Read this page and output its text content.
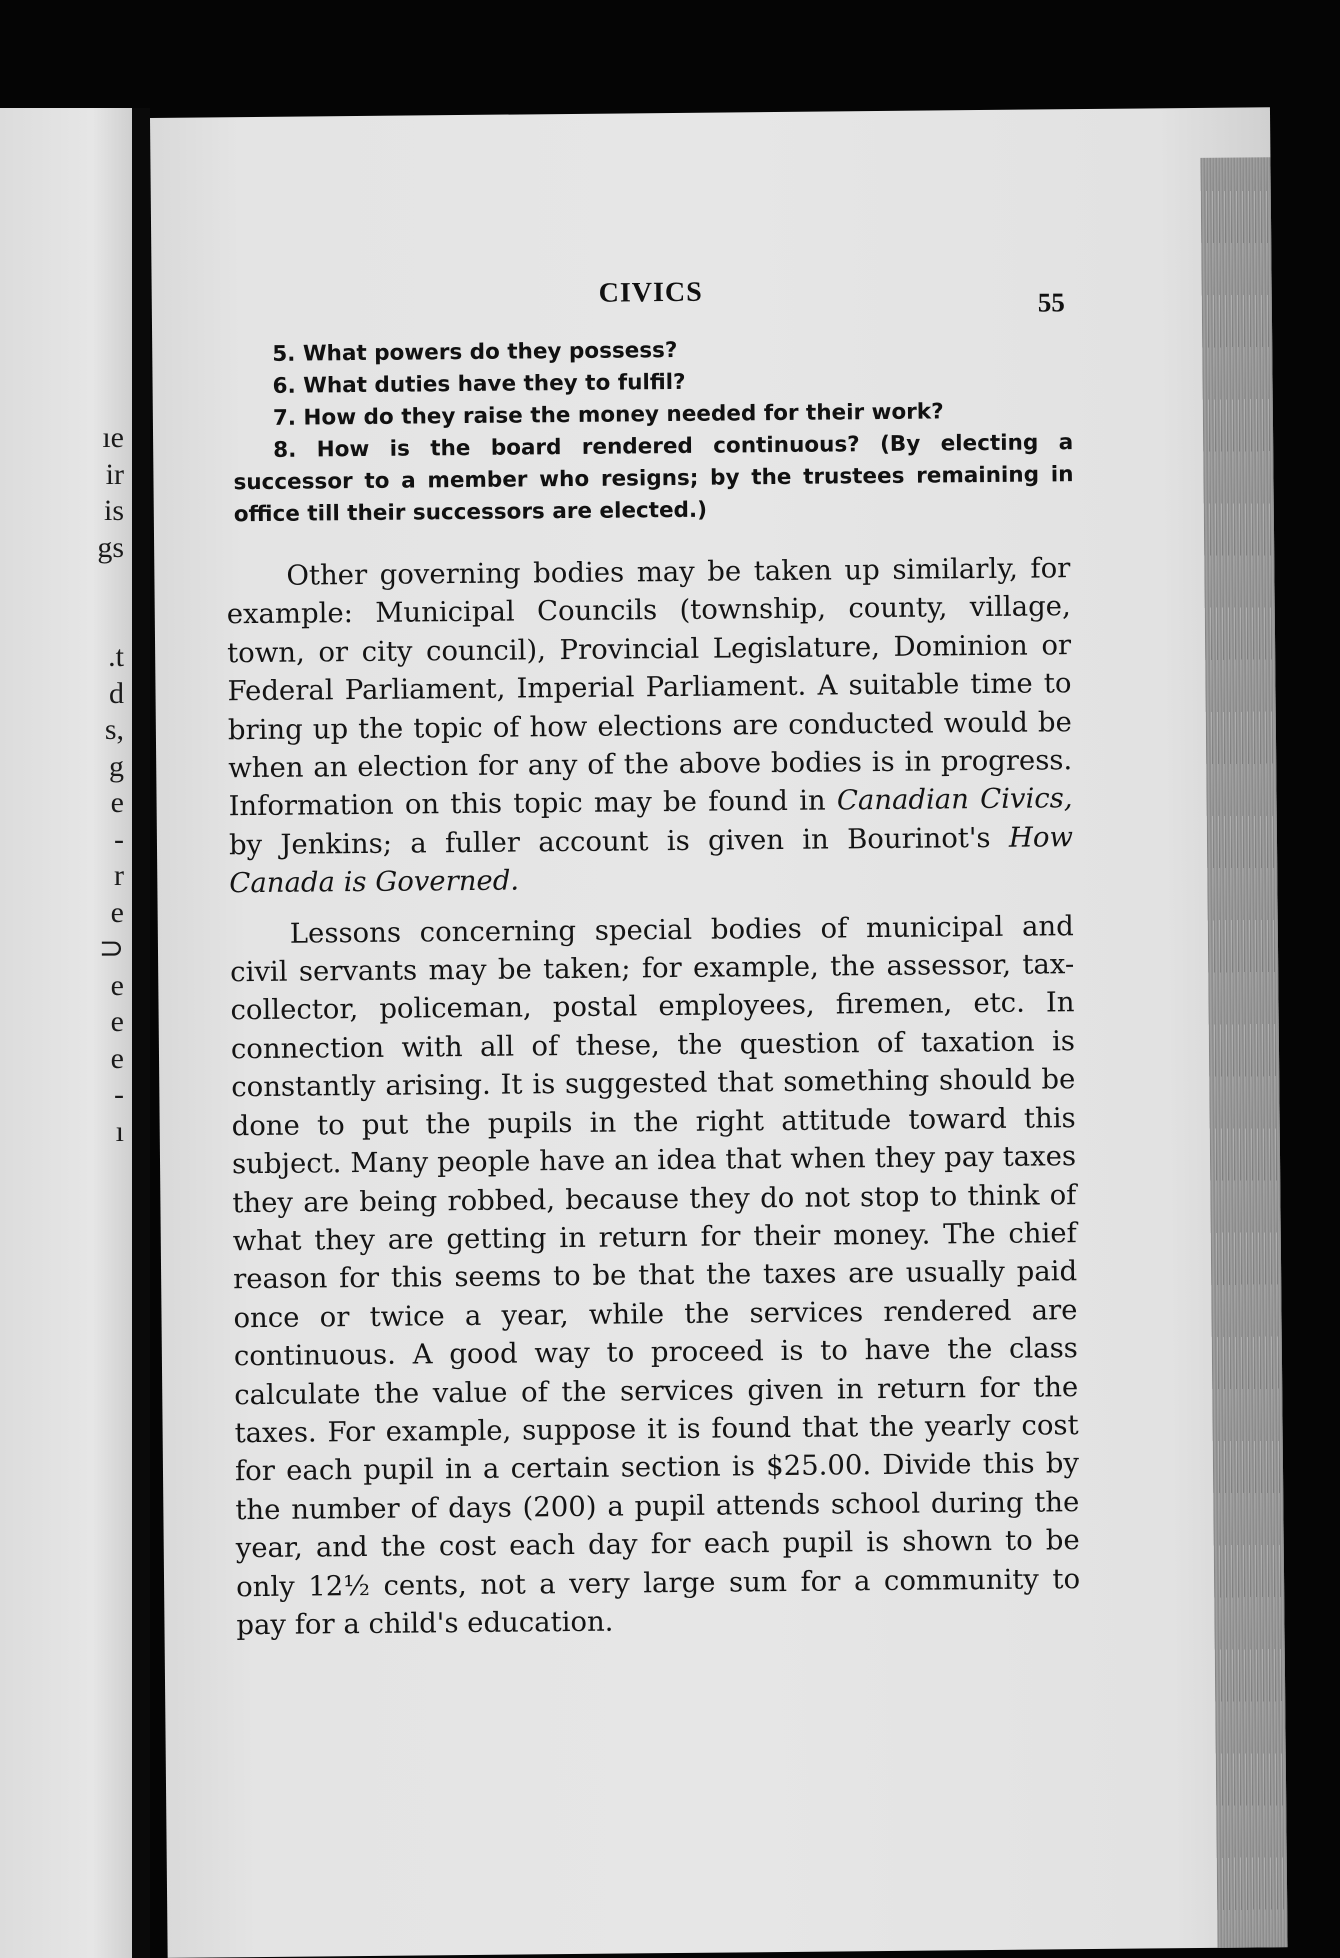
ıe
ir
is
gs
.t
d
s,
g
e
-
r
e
⊃
e
e
e
-
ı
CIVICS	55
5. What powers do they possess?
6. What duties have they to fulfil?
7. How do they raise the money needed for their work?
8. How is the board rendered continuous? (By electing a successor to a member who resigns; by the trustees remaining in office till their successors are elected.)

Other governing bodies may be taken up similarly, for example: Municipal Councils (township, county, village, town, or city council), Provincial Legislature, Dominion or Federal Parliament, Imperial Parliament. A suitable time to bring up the topic of how elections are conducted would be when an election for any of the above bodies is in progress. Information on this topic may be found in Canadian Civics, by Jenkins; a fuller account is given in Bourinot's How Canada is Governed.

Lessons concerning special bodies of municipal and civil servants may be taken; for example, the assessor, tax-collector, policeman, postal employees, firemen, etc. In connection with all of these, the question of taxation is constantly arising. It is suggested that something should be done to put the pupils in the right attitude toward this subject. Many people have an idea that when they pay taxes they are being robbed, because they do not stop to think of what they are getting in return for their money. The chief reason for this seems to be that the taxes are usually paid once or twice a year, while the services rendered are continuous. A good way to proceed is to have the class calculate the value of the services given in return for the taxes. For example, suppose it is found that the yearly cost for each pupil in a certain section is $25.00. Divide this by the number of days (200) a pupil attends school during the year, and the cost each day for each pupil is shown to be only 12½ cents, not a very large sum for a community to pay for a child's education.
